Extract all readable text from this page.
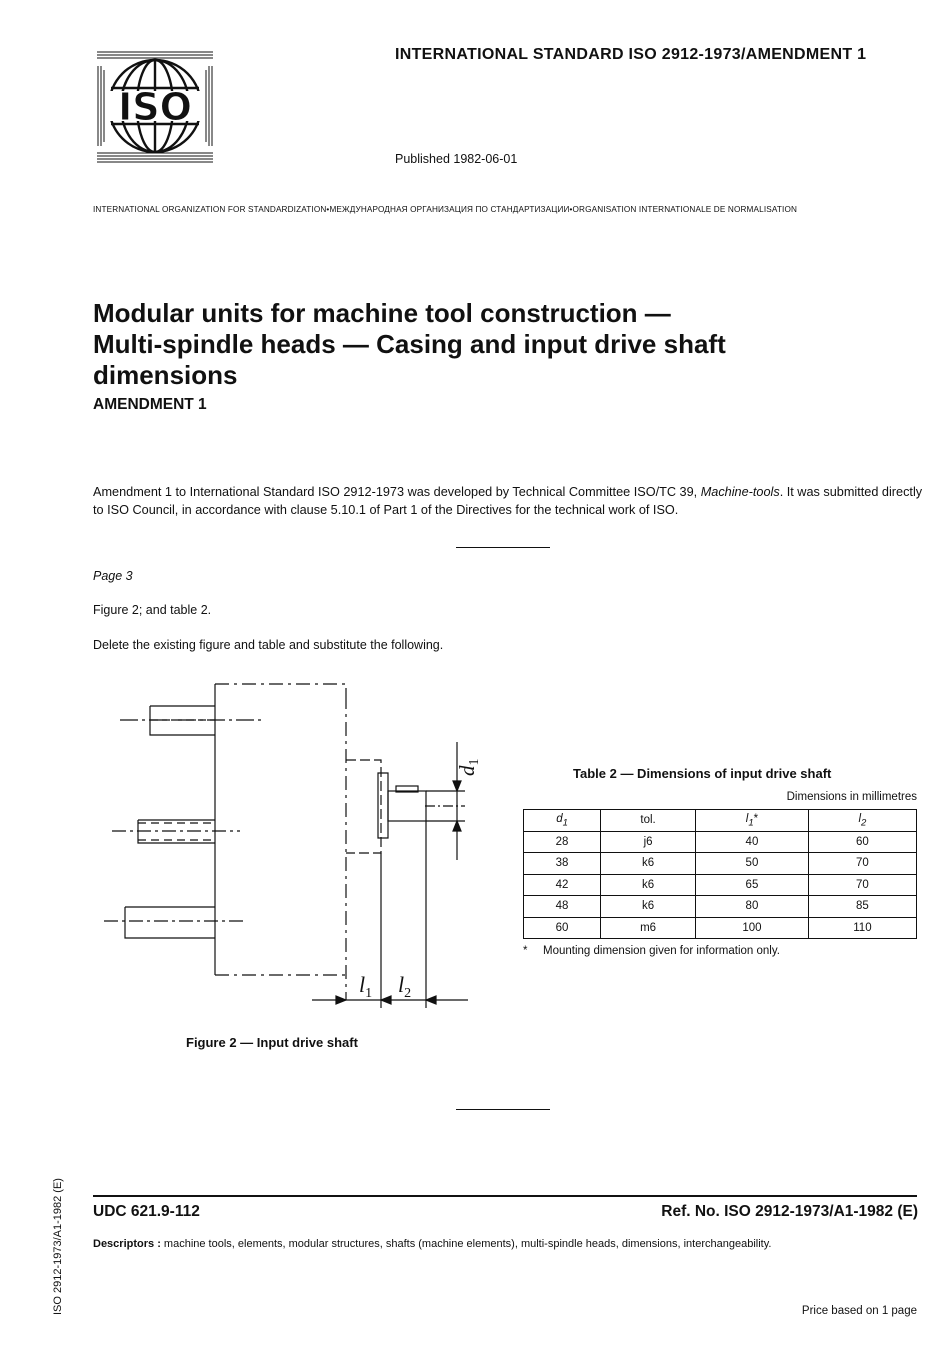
ISO
INTERNATIONAL STANDARD ISO 2912-1973/AMENDMENT 1
Published 1982-06-01
INTERNATIONAL ORGANIZATION FOR STANDARDIZATION•МЕЖДУНАРОДНАЯ ОРГАНИЗАЦИЯ ПО СТАНДАРТИЗАЦИИ•ORGANISATION INTERNATIONALE DE NORMALISATION
Modular units for machine tool construction —
Multi-spindle heads — Casing and input drive shaft
dimensions
AMENDMENT 1
Amendment 1 to International Standard ISO 2912-1973 was developed by Technical Committee ISO/TC 39, Machine-tools. It was submitted directly to ISO Council, in accordance with clause 5.10.1 of Part 1 of the Directives for the technical work of ISO.
Page 3
Figure 2; and table 2.
Delete the existing figure and table and substitute the following.
d1
$l_1$ $l_2$
Figure 2 — Input drive shaft
Table 2 — Dimensions of input drive shaft
Dimensions in millimetres
$d_1$	tol.	$l_1*$	$l_2$
28	j6	40	60
38	k6	50	70
42	k6	65	70
48	k6	80	85
60	m6	100	110
* Mounting dimension given for information only.
UDC 621.9-112	Ref. No. ISO 2912-1973/A1-1982 (E)
Descriptors : machine tools, elements, modular structures, shafts (machine elements), multi-spindle heads, dimensions, interchangeability.
Price based on 1 page
ISO 2912-1973/A1-1982 (E)
